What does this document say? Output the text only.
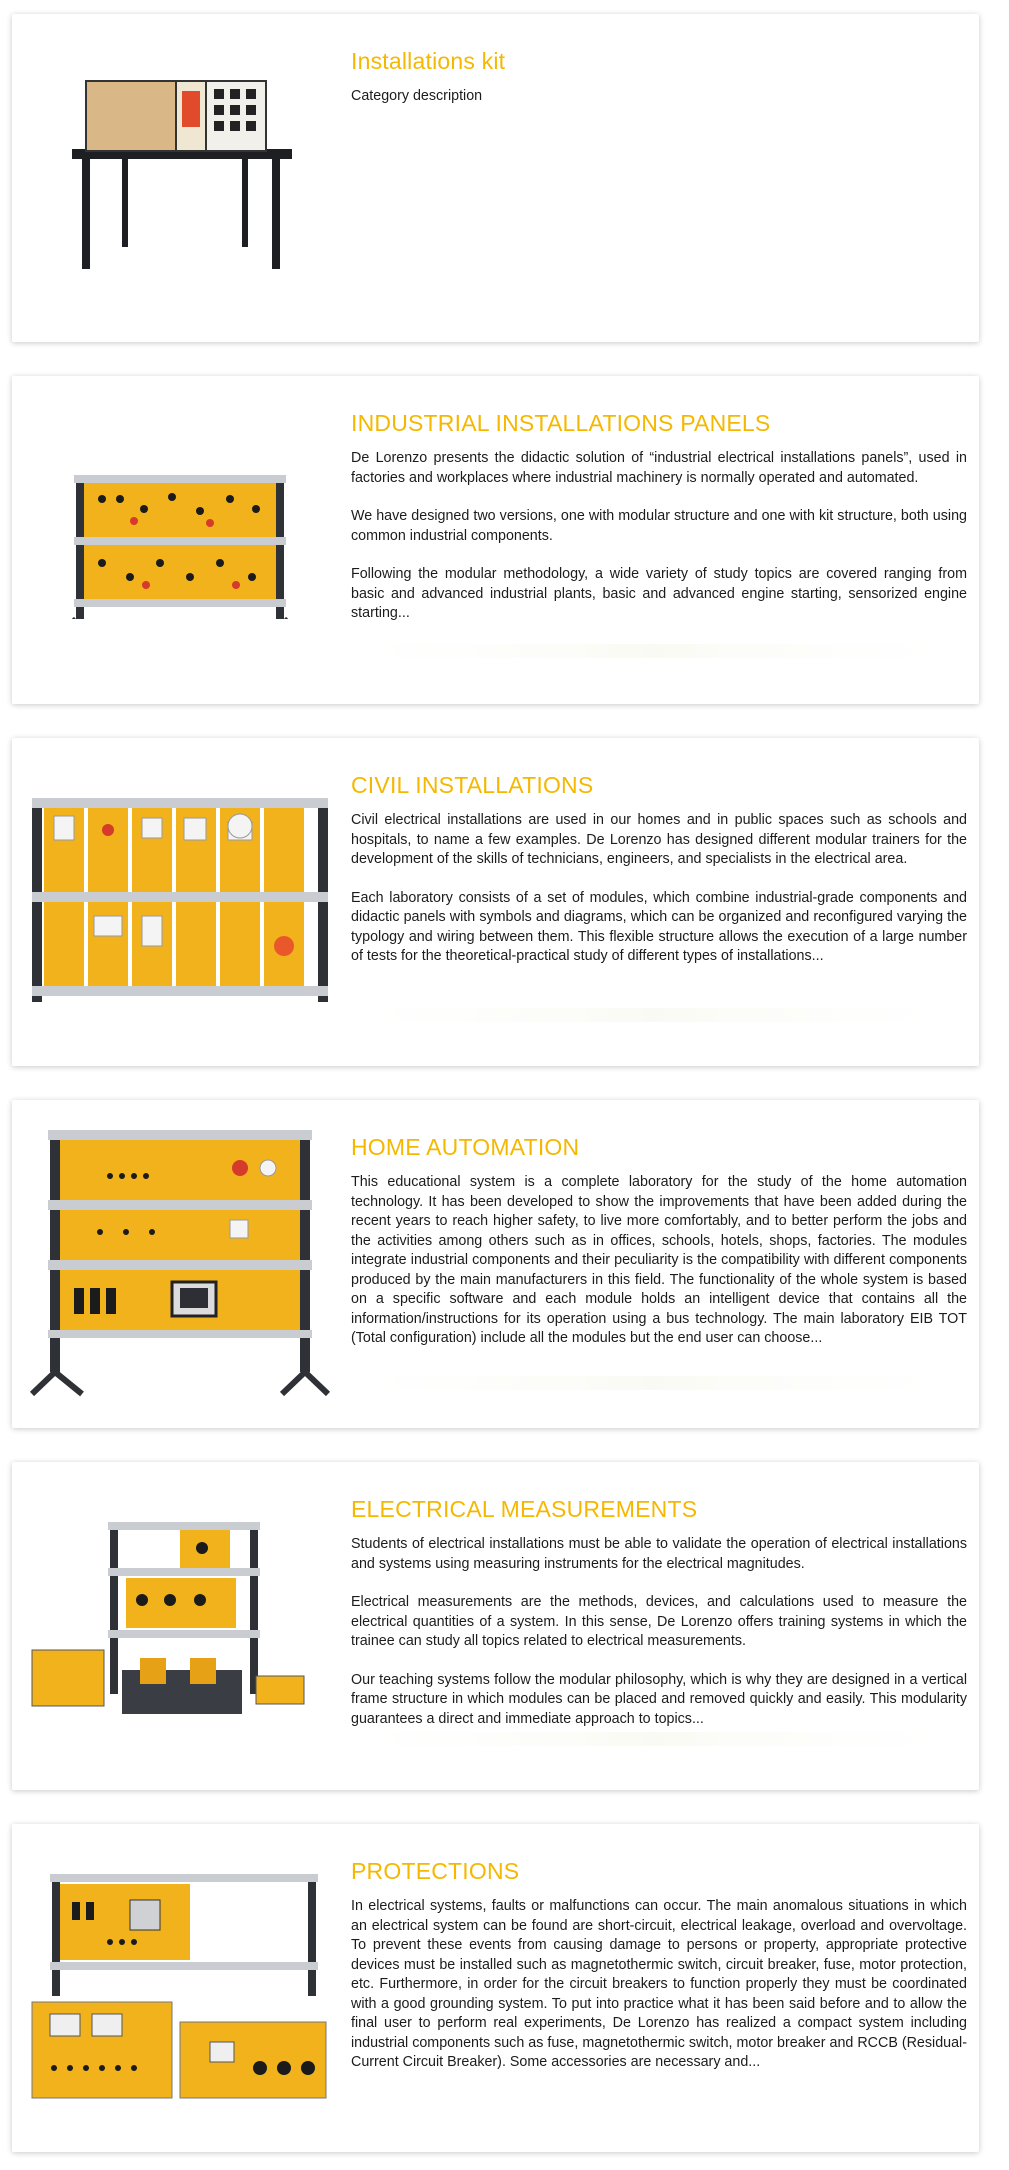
Installations kit

Category description

INDUSTRIAL INSTALLATIONS PANELS

De Lorenzo presents the didactic solution of “industrial electrical installations panels”, used in factories and workplaces where industrial machinery is normally operated and automated.

We have designed two versions, one with modular structure and one with kit structure, both using common industrial components.

Following the modular methodology, a wide variety of study topics are covered ranging from basic and advanced industrial plants, basic and advanced engine starting, sensorized engine starting...

CIVIL INSTALLATIONS

Civil electrical installations are used in our homes and in public spaces such as schools and hospitals, to name a few examples. De Lorenzo has designed different modular trainers for the development of the skills of technicians, engineers, and specialists in the electrical area.

Each laboratory consists of a set of modules, which combine industrial-grade components and didactic panels with symbols and diagrams, which can be organized and reconfigured varying the typology and wiring between them. This flexible structure allows the execution of a large number of tests for the theoretical-practical study of different types of installations...

HOME AUTOMATION

This educational system is a complete laboratory for the study of the home automation technology. It has been developed to show the improvements that have been added during the recent years to reach higher safety, to live more comfortably, and to better perform the jobs and the activities among others such as in offices, schools, hotels, shops, factories. The modules integrate industrial components and their peculiarity is the compatibility with different components produced by the main manufacturers in this field. The functionality of the whole system is based on a specific software and each module holds an intelligent device that contains all the information/instructions for its operation using a bus technology. The main laboratory EIB TOT (Total configuration) include all the modules but the end user can choose...

ELECTRICAL MEASUREMENTS

Students of electrical installations must be able to validate the operation of electrical installations and systems using measuring instruments for the electrical magnitudes.

Electrical measurements are the methods, devices, and calculations used to measure the electrical quantities of a system. In this sense, De Lorenzo offers training systems in which the trainee can study all topics related to electrical measurements.

Our teaching systems follow the modular philosophy, which is why they are designed in a vertical frame structure in which modules can be placed and removed quickly and easily. This modularity guarantees a direct and immediate approach to topics...

PROTECTIONS

In electrical systems, faults or malfunctions can occur. The main anomalous situations in which an electrical system can be found are short-circuit, electrical leakage, overload and overvoltage. To prevent these events from causing damage to persons or property, appropriate protective devices must be installed such as magnetothermic switch, circuit breaker, fuse, motor protection, etc. Furthermore, in order for the circuit breakers to function properly they must be coordinated with a good grounding system. To put into practice what it has been said before and to allow the final user to perform real experiments, De Lorenzo has realized a compact system including industrial components such as fuse, magnetothermic switch, motor breaker and RCCB (Residual-Current Circuit Breaker). Some accessories are necessary and...
